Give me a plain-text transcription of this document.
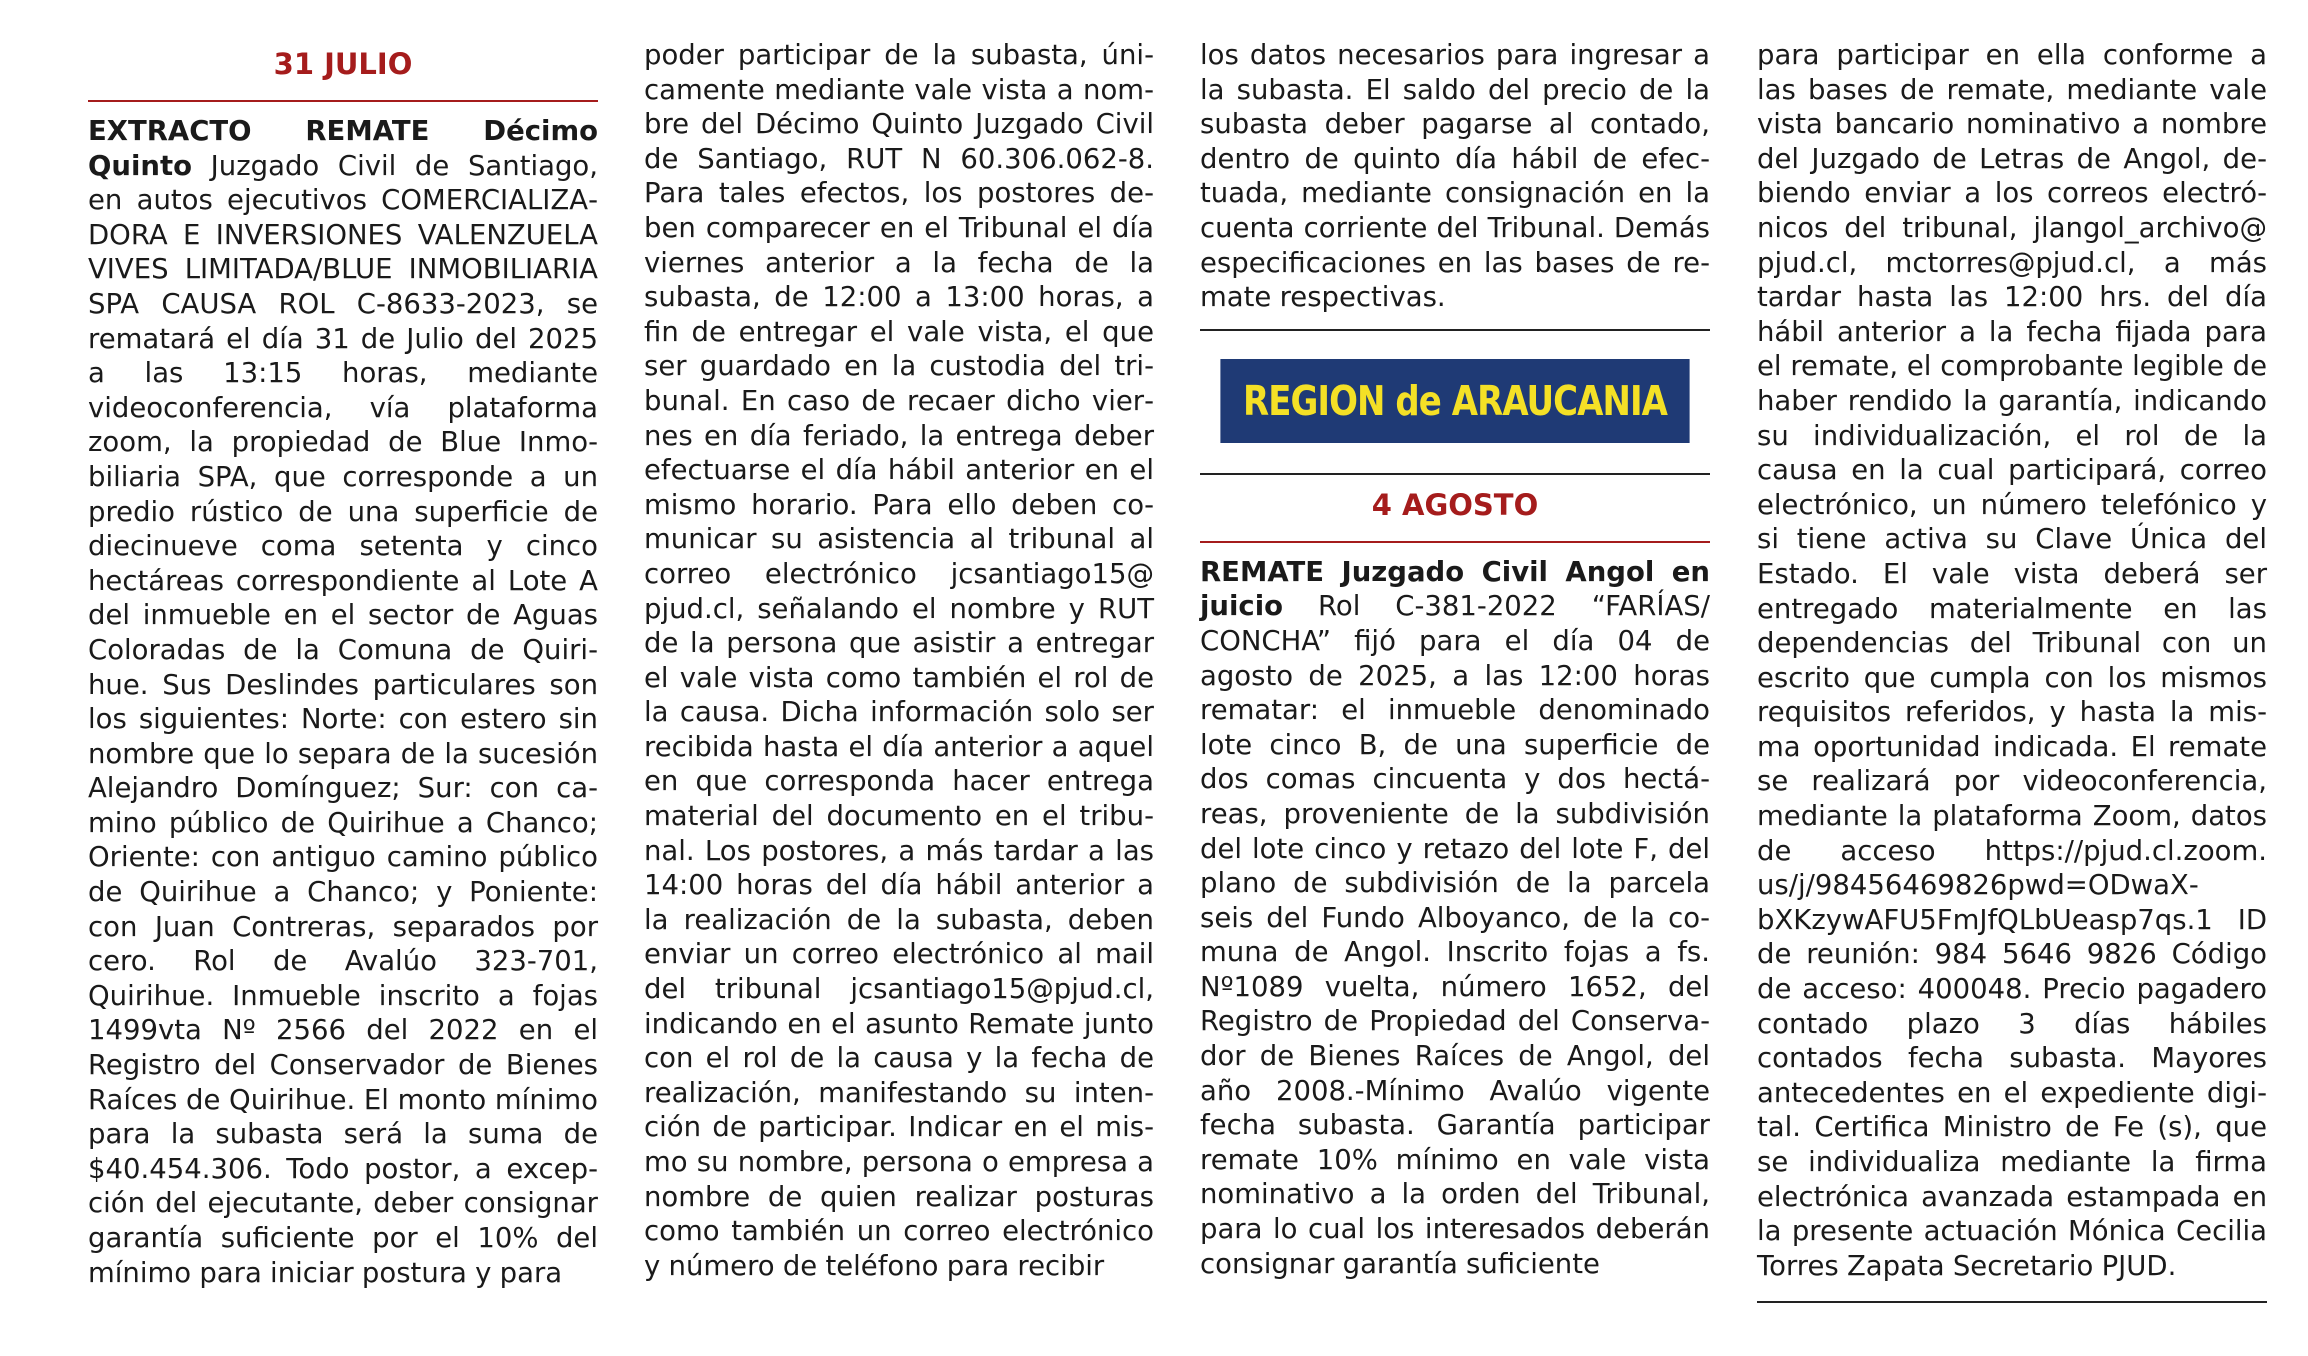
31 JULIO

EXTRACTO REMATE Décimo Quinto Juzgado Civil de Santiago, en autos ejecutivos COMERCIALIZADORA E INVERSIONES VALENZUELA VIVES LIMITADA/BLUE INMOBILIARIA SPA CAUSA ROL C-8633-2023, se rematará el día 31 de Julio del 2025 a las 13:15 horas, mediante videoconferencia, vía plataforma zoom, la propiedad de Blue Inmobiliaria SPA, que corresponde a un predio rústico de una superficie de diecinueve coma setenta y cinco hectáreas correspondiente al Lote A del inmueble en el sector de Aguas Coloradas de la Comuna de Quirihue. Sus Deslindes particulares son los siguientes: Norte: con estero sin nombre que lo separa de la sucesión Alejandro Domínguez; Sur: con camino público de Quirihue a Chanco; Oriente: con antiguo camino público de Quirihue a Chanco; y Poniente: con Juan Contreras, separados por cero. Rol de Avalúo 323-701, Quirihue. Inmueble inscrito a fojas 1499vta Nº 2566 del 2022 en el Registro del Conservador de Bienes Raíces de Quirihue. El monto mínimo para la subasta será la suma de $40.454.306. Todo postor, a excepción del ejecutante, deber consignar garantía suficiente por el 10% del mínimo para iniciar postura y para

poder participar de la subasta, únicamente mediante vale vista a nombre del Décimo Quinto Juzgado Civil de Santiago, RUT N 60.306.062-8. Para tales efectos, los postores deben comparecer en el Tribunal el día viernes anterior a la fecha de la subasta, de 12:00 a 13:00 horas, a fin de entregar el vale vista, el que ser guardado en la custodia del tribunal. En caso de recaer dicho viernes en día feriado, la entrega deber efectuarse el día hábil anterior en el mismo horario. Para ello deben comunicar su asistencia al tribunal al correo electrónico jcsantiago15@ pjud.cl, señalando el nombre y RUT de la persona que asistir a entregar el vale vista como también el rol de la causa. Dicha información solo ser recibida hasta el día anterior a aquel en que corresponda hacer entrega material del documento en el tribunal. Los postores, a más tardar a las 14:00 horas del día hábil anterior a la realización de la subasta, deben enviar un correo electrónico al mail del tribunal jcsantiago15@pjud.cl, indicando en el asunto Remate junto con el rol de la causa y la fecha de realización, manifestando su intención de participar. Indicar en el mismo su nombre, persona o empresa a nombre de quien realizar posturas como también un correo electrónico y número de teléfono para recibir

los datos necesarios para ingresar a la subasta. El saldo del precio de la subasta deber pagarse al contado, dentro de quinto día hábil de efectuada, mediante consignación en la cuenta corriente del Tribunal. Demás especificaciones en las bases de remate respectivas.

REGION de ARAUCANIA
4 AGOSTO

REMATE Juzgado Civil Angol en juicio Rol C-381-2022 “FARÍAS/ CONCHA” fijó para el día 04 de agosto de 2025, a las 12:00 horas rematar: el inmueble denominado lote cinco B, de una superficie de dos comas cincuenta y dos hectáreas, proveniente de la subdivisión del lote cinco y retazo del lote F, del plano de subdivisión de la parcela seis del Fundo Alboyanco, de la comuna de Angol. Inscrito fojas a fs. Nº1089 vuelta, número 1652, del Registro de Propiedad del Conservador de Bienes Raíces de Angol, del año 2008.-Mínimo Avalúo vigente fecha subasta. Garantía participar remate 10% mínimo en vale vista nominativo a la orden del Tribunal, para lo cual los interesados deberán consignar garantía suficiente

para participar en ella conforme a las bases de remate, mediante vale vista bancario nominativo a nombre del Juzgado de Letras de Angol, debiendo enviar a los correos electrónicos del tribunal, jlangol_archivo@ pjud.cl, mctorres@pjud.cl, a más tardar hasta las 12:00 hrs. del día hábil anterior a la fecha fijada para el remate, el comprobante legible de haber rendido la garantía, indicando su individualización, el rol de la causa en la cual participará, correo electrónico, un número telefónico y si tiene activa su Clave Única del Estado. El vale vista deberá ser entregado materialmente en las dependencias del Tribunal con un escrito que cumpla con los mismos requisitos referidos, y hasta la misma oportunidad indicada. El remate se realizará por videoconferencia, mediante la plataforma Zoom, datos de acceso https://pjud.cl.zoom. us/j/98456469826pwd=ODwaXbXKzywAFU5FmJfQLbUeasp7qs.1 ID de reunión: 984 5646 9826 Código de acceso: 400048. Precio pagadero contado plazo 3 días hábiles contados fecha subasta. Mayores antecedentes en el expediente digital. Certifica Ministro de Fe (s), que se individualiza mediante la firma electrónica avanzada estampada en la presente actuación Mónica Cecilia Torres Zapata Secretario PJUD.
